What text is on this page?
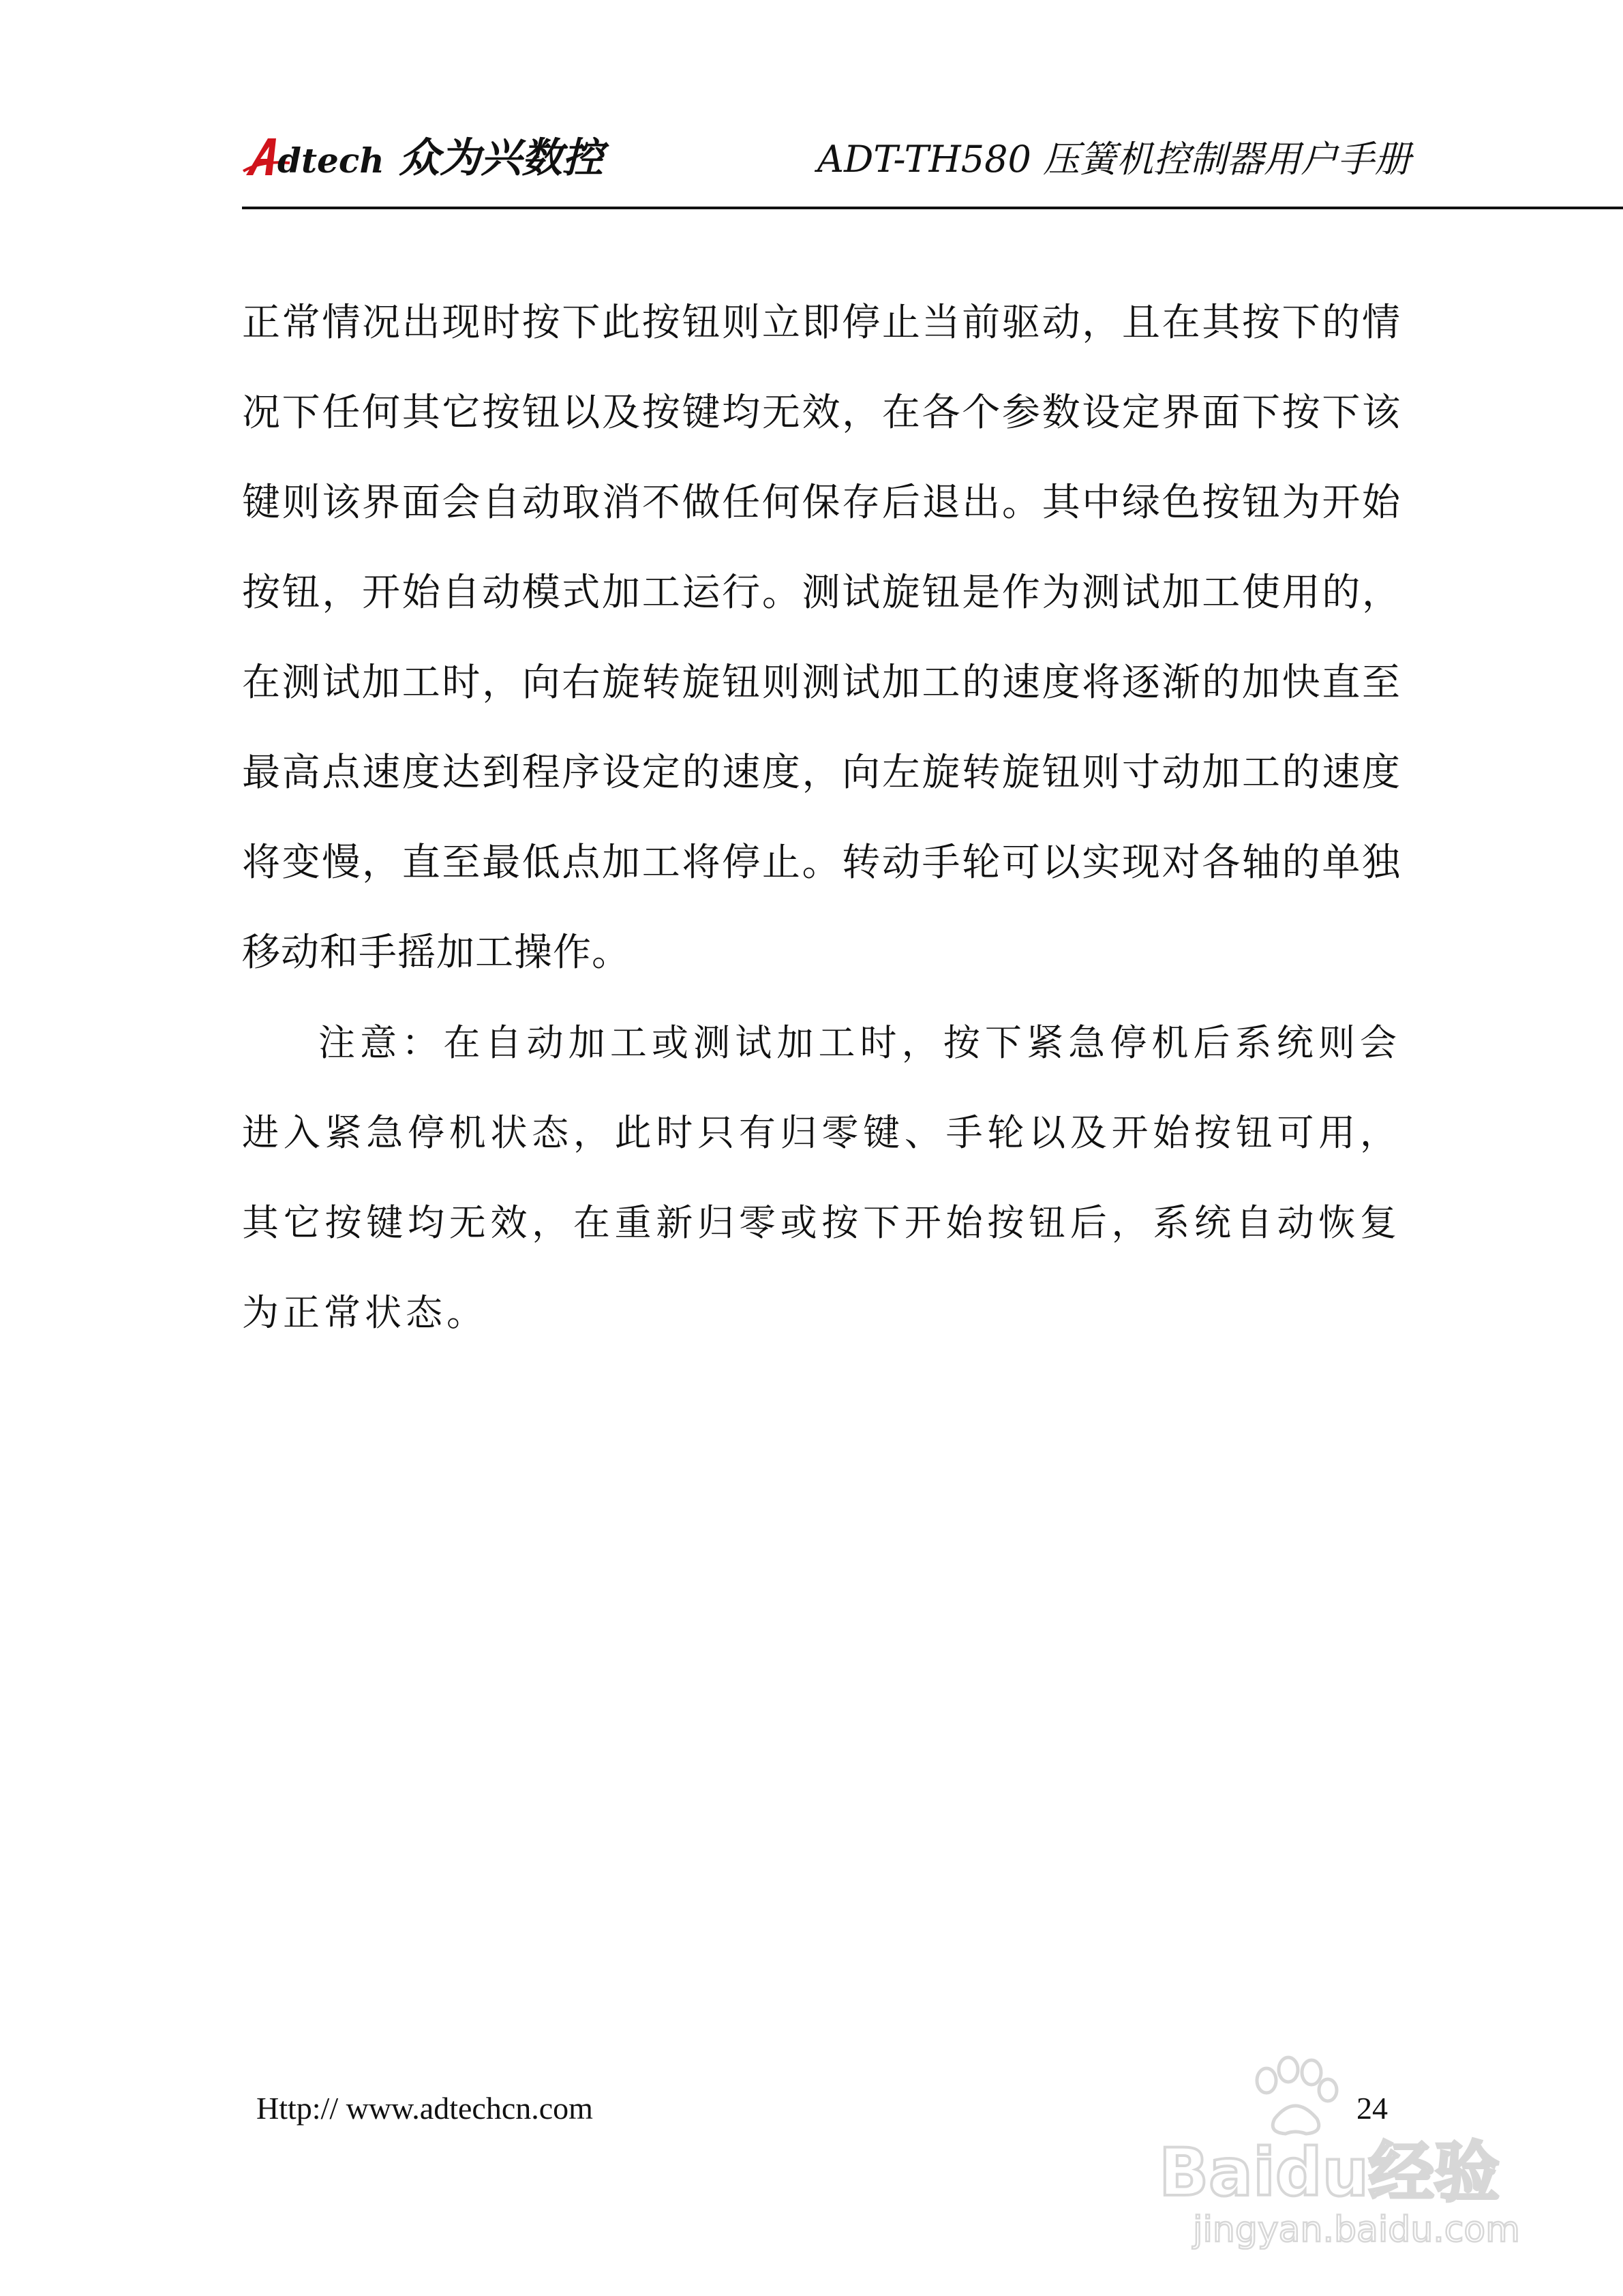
dtech 众为兴数控	ADT-TH580 压簧机控制器用户手册

正常情况出现时按下此按钮则立即停止当前驱动，且在其按下的情况下任何其它按钮以及按键均无效，在各个参数设定界面下按下该键则该界面会自动取消不做任何保存后退出。其中绿色按钮为开始按钮，开始自动模式加工运行。测试旋钮是作为测试加工使用的，在测试加工时，向右旋转旋钮则测试加工的速度将逐渐的加快直至最高点速度达到程序设定的速度，向左旋转旋钮则寸动加工的速度将变慢，直至最低点加工将停止。转动手轮可以实现对各轴的单独移动和手摇加工操作。

注意：在自动加工或测试加工时，按下紧急停机后系统则会进入紧急停机状态，此时只有归零键、手轮以及开始按钮可用，其它按键均无效，在重新归零或按下开始按钮后，系统自动恢复为正常状态。

Http:// www.adtechcn.com	24
Baidu经验
jingyan.baidu.com
